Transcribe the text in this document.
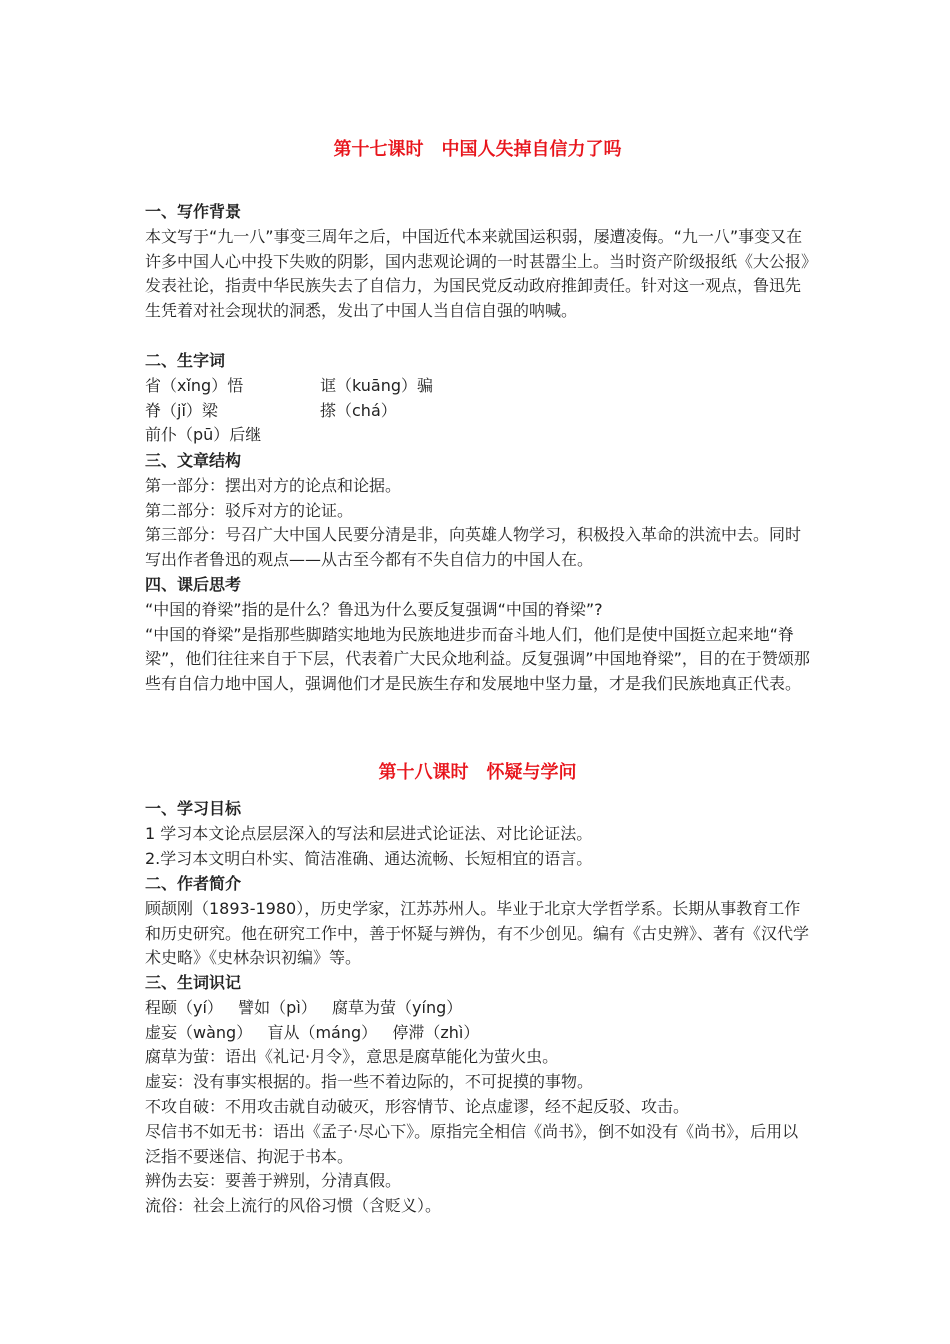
第十七课时　中国人失掉自信力了吗
一、写作背景
本文写于“九一八”事变三周年之后，中国近代本来就国运积弱，屡遭凌侮。“九一八”事变又在许多中国人心中投下失败的阴影，国内悲观论调的一时甚嚣尘上。当时资产阶级报纸《大公报》发表社论，指责中华民族失去了自信力，为国民党反动政府推卸责任。针对这一观点，鲁迅先生凭着对社会现状的洞悉，发出了中国人当自信自强的呐喊。
二、生字词
省（xǐng）悟	诓（kuāng）骗
脊（jǐ）梁	搽（chá）
前仆（pū）后继
三、文章结构
第一部分：摆出对方的论点和论据。
第二部分：驳斥对方的论证。
第三部分：号召广大中国人民要分清是非，向英雄人物学习，积极投入革命的洪流中去。同时写出作者鲁迅的观点——从古至今都有不失自信力的中国人在。
四、课后思考
“中国的脊梁”指的是什么？鲁迅为什么要反复强调“中国的脊梁”?
“中国的脊梁”是指那些脚踏实地地为民族地进步而奋斗地人们，他们是使中国挺立起来地“脊梁”，他们往往来自于下层，代表着广大民众地利益。反复强调”中国地脊梁”，目的在于赞颂那些有自信力地中国人，强调他们才是民族生存和发展地中坚力量，才是我们民族地真正代表。
第十八课时　怀疑与学问
一、学习目标
1 学习本文论点层层深入的写法和层进式论证法、对比论证法。
2.学习本文明白朴实、简洁准确、通达流畅、长短相宜的语言。
二、作者简介
顾颉刚（1893-1980），历史学家，江苏苏州人。毕业于北京大学哲学系。长期从事教育工作和历史研究。他在研究工作中，善于怀疑与辨伪，有不少创见。编有《古史辨》、著有《汉代学术史略》《史林杂识初编》等。
三、生词识记
程颐（yí）   譬如（pì）   腐草为萤（yíng）
虚妄（wàng）   盲从（máng）   停滞（zhì）
腐草为萤：语出《礼记·月令》，意思是腐草能化为萤火虫。
虚妄：没有事实根据的。指一些不着边际的，不可捉摸的事物。
不攻自破：不用攻击就自动破灭，形容情节、论点虚谬，经不起反驳、攻击。
尽信书不如无书：语出《孟子·尽心下》。原指完全相信《尚书》，倒不如没有《尚书》，后用以泛指不要迷信、拘泥于书本。
辨伪去妄：要善于辨别，分清真假。
流俗：社会上流行的风俗习惯（含贬义）。
